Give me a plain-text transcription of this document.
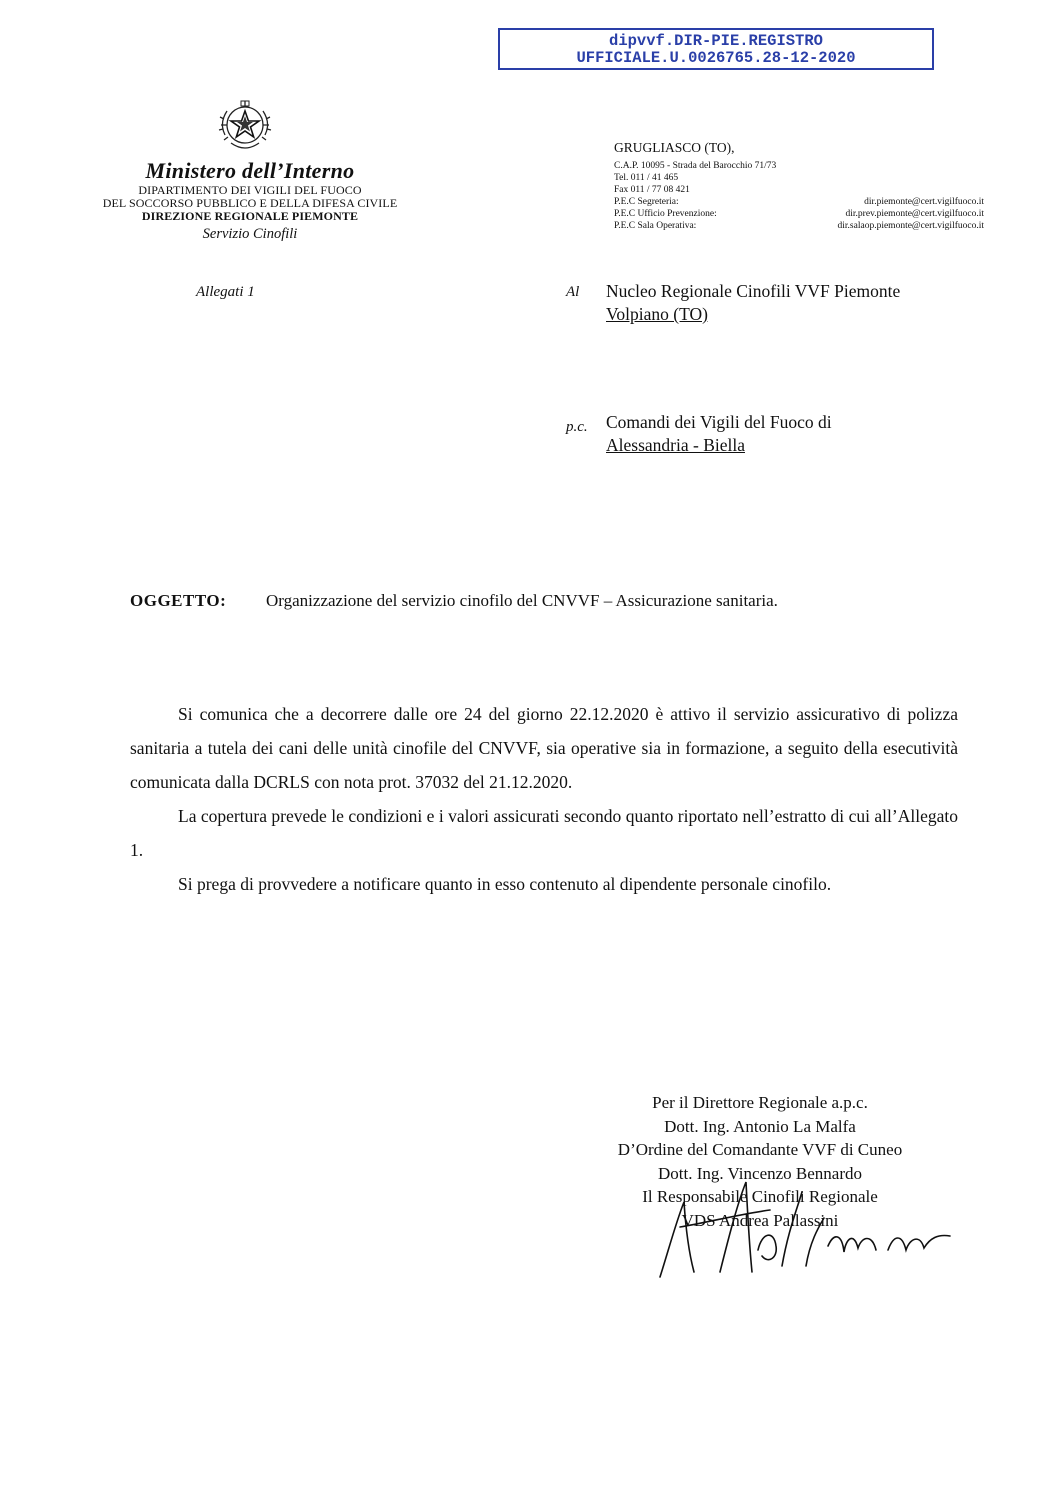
dipvvf.DIR-PIE.REGISTRO
UFFICIALE.U.0026765.28-12-2020
Ministero dell’Interno
DIPARTIMENTO DEI VIGILI DEL FUOCO
DEL SOCCORSO PUBBLICO E DELLA DIFESA CIVILE
DIREZIONE REGIONALE PIEMONTE
Servizio Cinofili
Allegati 1
GRUGLIASCO (TO),
C.A.P. 10095 - Strada del Barocchio 71/73
Tel. 011 / 41 465
Fax 011 / 77 08 421
P.E.C Segreteria:	dir.piemonte@cert.vigilfuoco.it
P.E.C Ufficio Prevenzione:	dir.prev.piemonte@cert.vigilfuoco.it
P.E.C Sala Operativa:	dir.salaop.piemonte@cert.vigilfuoco.it
Al Nucleo Regionale Cinofili VVF Piemonte
Volpiano (TO)
p.c. Comandi dei Vigili del Fuoco di
Alessandria - Biella
OGGETTO: Organizzazione del servizio cinofilo del CNVVF – Assicurazione sanitaria.

Si comunica che a decorrere dalle ore 24 del giorno 22.12.2020 è attivo il servizio assicurativo di polizza sanitaria a tutela dei cani delle unità cinofile del CNVVF, sia operative sia in formazione, a seguito della esecutività comunicata dalla DCRLS con nota prot. 37032 del 21.12.2020.

La copertura prevede le condizioni e i valori assicurati secondo quanto riportato nell’estratto di cui all’Allegato 1.

Si prega di provvedere a notificare quanto in esso contenuto al dipendente personale cinofilo.

Per il Direttore Regionale a.p.c.
Dott. Ing. Antonio La Malfa
D’Ordine del Comandante VVF di Cuneo
Dott. Ing. Vincenzo Bennardo
Il Responsabile Cinofili Regionale
VDS Andrea Pallassini
